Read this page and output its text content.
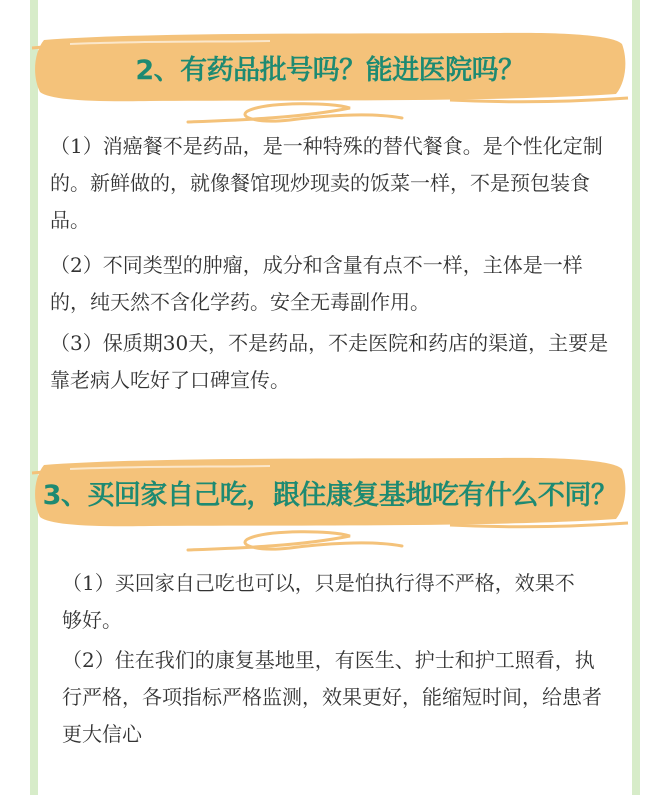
2、有药品批号吗？能进医院吗？

（1）消癌餐不是药品，是一种特殊的替代餐食。是个性化定制的。新鲜做的，就像餐馆现炒现卖的饭菜一样，不是预包装食品。

（2）不同类型的肿瘤，成分和含量有点不一样，主体是一样的，纯天然不含化学药。安全无毒副作用。

（3）保质期30天，不是药品，不走医院和药店的渠道，主要是靠老病人吃好了口碑宣传。

3、买回家自己吃，跟住康复基地吃有什么不同？

（1）买回家自己吃也可以，只是怕执行得不严格，效果不够好。

（2）住在我们的康复基地里，有医生、护士和护工照看，执行严格，各项指标严格监测，效果更好，能缩短时间，给患者更大信心
